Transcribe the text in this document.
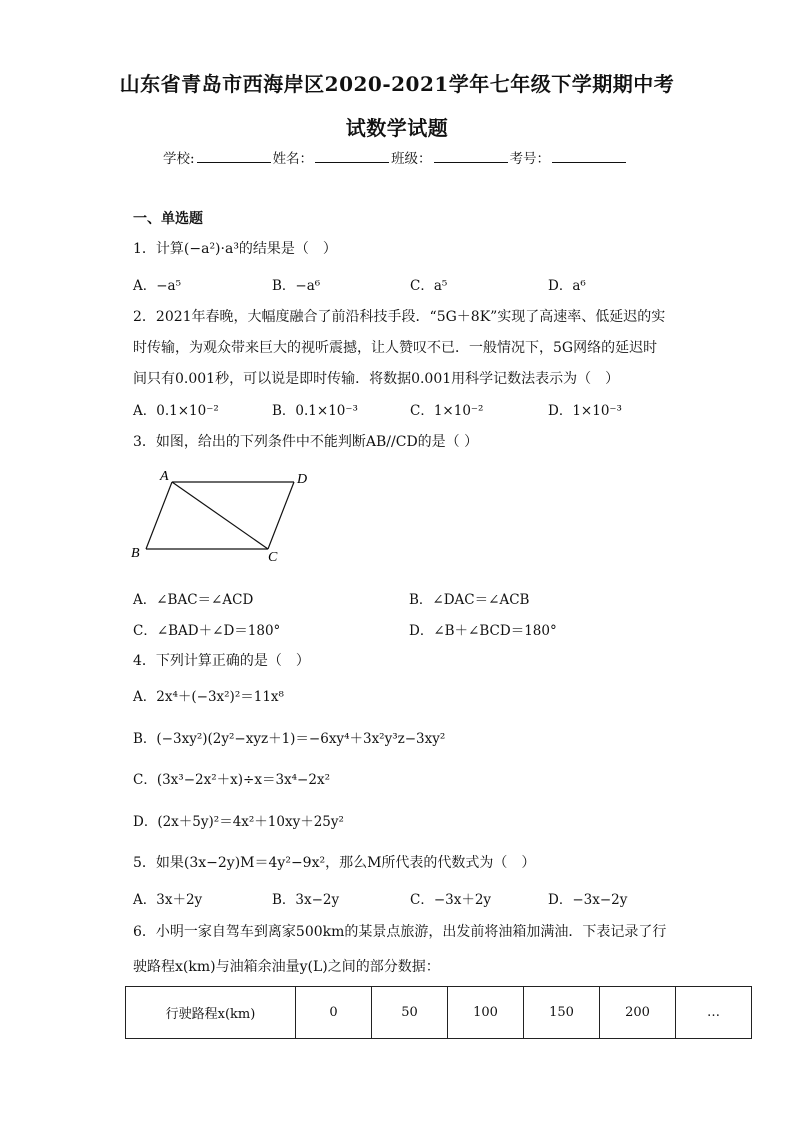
山东省青岛市西海岸区2020-2021学年七年级下学期期中考
试数学试题
学校:	姓名：	班级：	考号：
一、单选题
1．计算(−a²)·a³的结果是（　）
A．−a⁵	B．−a⁶	C．a⁵	D．a⁶
2．2021年春晚，大幅度融合了前沿科技手段．“5G＋8K”实现了高速率、低延迟的实
时传输，为观众带来巨大的视听震撼，让人赞叹不已．一般情况下，5G网络的延迟时
间只有0.001秒，可以说是即时传输．将数据0.001用科学记数法表示为（　）
A．0.1×10⁻²	B．0.1×10⁻³	C．1×10⁻²	D．1×10⁻³
3．如图，给出的下列条件中不能判断AB//CD的是（ ）
A	D
B	C
A．∠BAC＝∠ACD	B．∠DAC＝∠ACB
C．∠BAD＋∠D＝180°	D．∠B＋∠BCD＝180°
4．下列计算正确的是（　）
A．2x⁴＋(−3x²)²＝11x⁸
B．(−3xy²)(2y²−xyz＋1)＝−6xy⁴＋3x²y³z−3xy²
C．(3x³−2x²＋x)÷x＝3x⁴−2x²
D．(2x＋5y)²＝4x²＋10xy＋25y²
5．如果(3x−2y)M＝4y²−9x²，那么M所代表的代数式为（　）
A．3x＋2y	B．3x−2y	C．−3x＋2y	D．−3x−2y
6．小明一家自驾车到离家500km的某景点旅游，出发前将油箱加满油．下表记录了行
驶路程x(km)与油箱余油量y(L)之间的部分数据：
行驶路程x(km)	0	50	100	150	200	…
